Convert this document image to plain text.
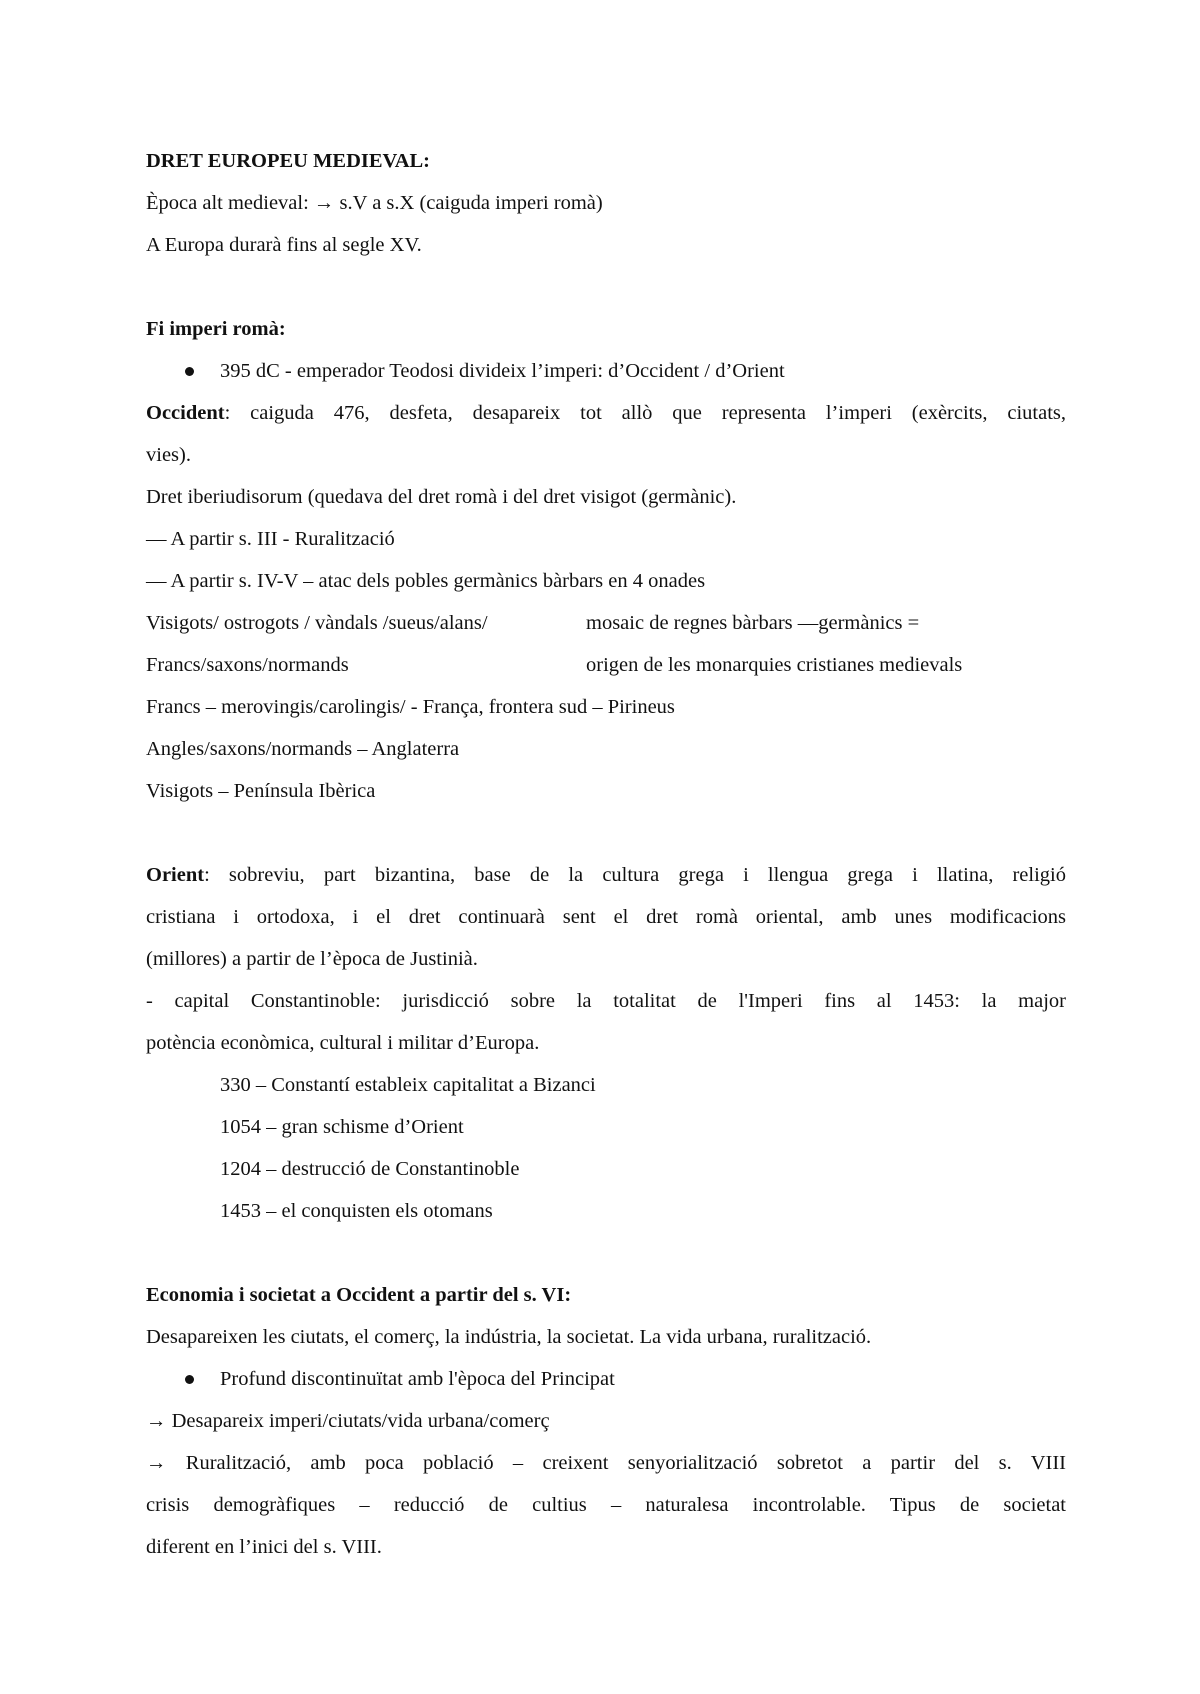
DRET EUROPEU MEDIEVAL:
Època alt medieval: → s.V a s.X (caiguda imperi romà)
A Europa durarà fins al segle XV.
Fi imperi romà:
395 dC - emperador Teodosi divideix l’imperi: d’Occident / d’Orient
Occident: caiguda 476, desfeta, desapareix tot allò que representa l’imperi (exèrcits, ciutats,
vies).
Dret iberiudisorum (quedava del dret romà i del dret visigot (germànic).
— A partir s. III - Ruralització
— A partir s. IV-V – atac dels pobles germànics bàrbars en 4 onades
Visigots/ ostrogots / vàndals /sueus/alans/	mosaic de regnes bàrbars —germànics =
Francs/saxons/normands	origen de les monarquies cristianes medievals
Francs – merovingis/carolingis/ - França, frontera sud – Pirineus
Angles/saxons/normands – Anglaterra
Visigots – Península Ibèrica
Orient: sobreviu, part bizantina, base de la cultura grega i llengua grega i llatina, religió
cristiana i ortodoxa, i el dret continuarà sent el dret romà oriental, amb unes modificacions
(millores) a partir de l’època de Justinià.
- capital Constantinoble: jurisdicció sobre la totalitat de l'Imperi fins al 1453: la major
potència econòmica, cultural i militar d’Europa.
330 – Constantí estableix capitalitat a Bizanci
1054 – gran schisme d’Orient
1204 – destrucció de Constantinoble
1453 – el conquisten els otomans
Economia i societat a Occident a partir del s. VI:
Desapareixen les ciutats, el comerç, la indústria, la societat. La vida urbana, ruralització.
Profund discontinuïtat amb l'època del Principat
→ Desapareix imperi/ciutats/vida urbana/comerç
→ Ruralització, amb poca població – creixent senyorialització sobretot a partir del s. VIII
crisis demogràfiques – reducció de cultius – naturalesa incontrolable. Tipus de societat
diferent en l’inici del s. VIII.
